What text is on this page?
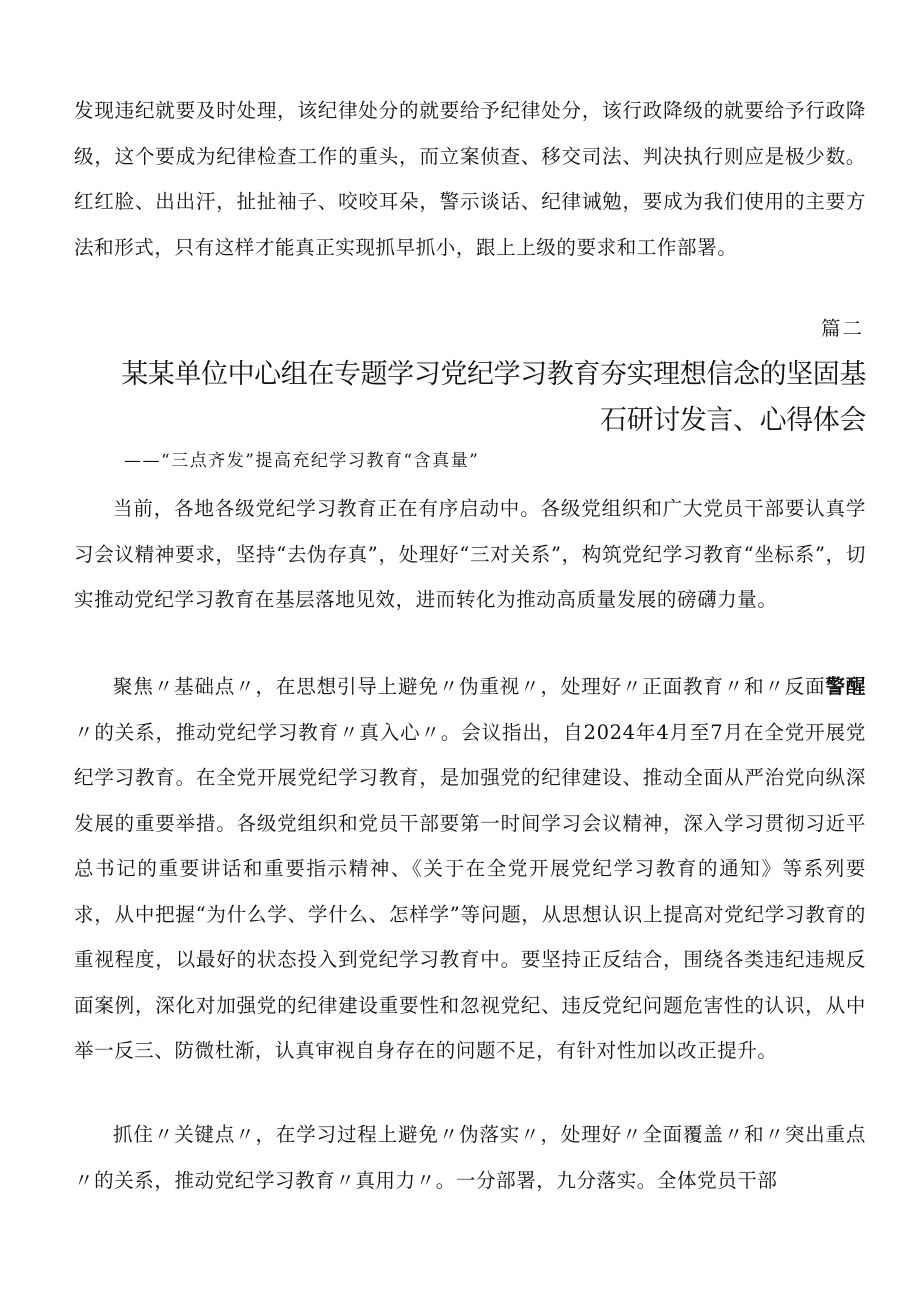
发现违纪就要及时处理，该纪律处分的就要给予纪律处分，该行政降级的就要给予行政降级，这个要成为纪律检查工作的重头，而立案侦查、移交司法、判决执行则应是极少数。红红脸、出出汗，扯扯袖子、咬咬耳朵，警示谈话、纪律诫勉，要成为我们使用的主要方法和形式，只有这样才能真正实现抓早抓小，跟上上级的要求和工作部署。

篇二
某某单位中心组在专题学习党纪学习教育夯实理想信念的坚固基
石研讨发言、心得体会

——“三点齐发”提高充纪学习教育“含真量”

当前，各地各级党纪学习教育正在有序启动中。各级党组织和广大党员干部要认真学习会议精神要求，坚持“去伪存真”，处理好“三对关系”，构筑党纪学习教育“坐标系”，切实推动党纪学习教育在基层落地见效，进而转化为推动高质量发展的磅礴力量。

聚焦〃基础点〃，在思想引导上避免〃伪重视〃，处理好〃正面教育〃和〃反面警醒〃的关系，推动党纪学习教育〃真入心〃。会议指出，自2024年4月至7月在全党开展党纪学习教育。在全党开展党纪学习教育，是加强党的纪律建设、推动全面从严治党向纵深发展的重要举措。各级党组织和党员干部要第一时间学习会议精神，深入学习贯彻习近平总书记的重要讲话和重要指示精神、《关于在全党开展党纪学习教育的通知》等系列要求，从中把握“为什么学、学什么、怎样学”等问题，从思想认识上提高对党纪学习教育的重视程度，以最好的状态投入到党纪学习教育中。要坚持正反结合，围绕各类违纪违规反面案例，深化对加强党的纪律建设重要性和忽视党纪、违反党纪问题危害性的认识，从中举一反三、防微杜渐，认真审视自身存在的问题不足，有针对性加以改正提升。

抓住〃关键点〃，在学习过程上避免〃伪落实〃，处理好〃全面覆盖〃和〃突出重点〃的关系，推动党纪学习教育〃真用力〃。一分部署，九分落实。全体党员干部
